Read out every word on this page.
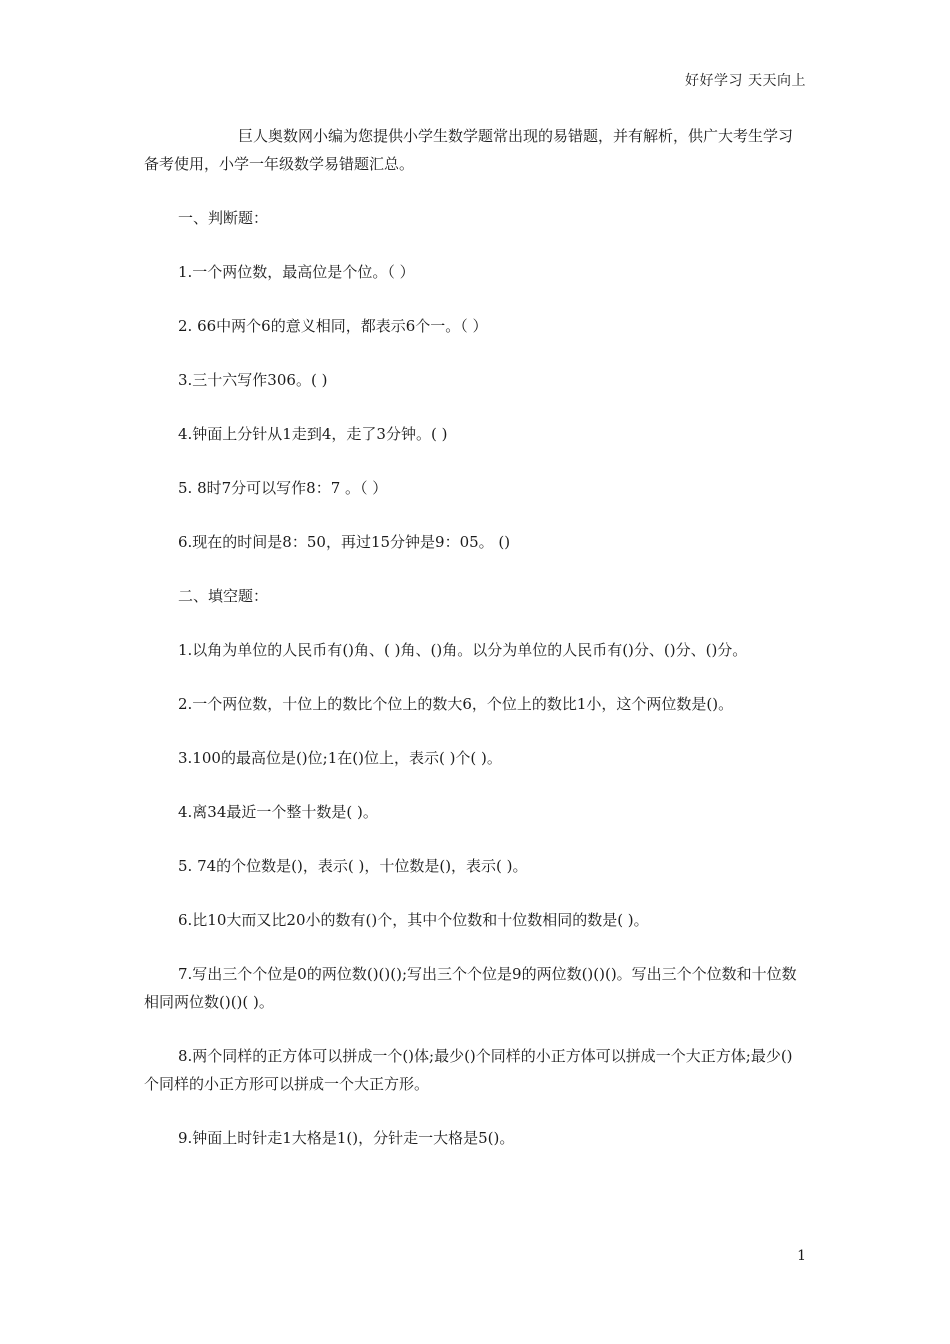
好好学习 天天向上

巨人奥数网小编为您提供小学生数学题常出现的易错题，并有解析，供广大考生学习备考使用，小学一年级数学易错题汇总。

一、判断题：

1.一个两位数，最高位是个位。（ ）

2. 66中两个6的意义相同，都表示6个一。（ ）

3.三十六写作306。( )

4.钟面上分针从1走到4，走了3分钟。( )

5. 8时7分可以写作8：7 。（ ）

6.现在的时间是8：50，再过15分钟是9：05。 ()

二、填空题：

1.以角为单位的人民币有()角、( )角、()角。以分为单位的人民币有()分、()分、()分。

2.一个两位数，十位上的数比个位上的数大6，个位上的数比1小，这个两位数是()。

3.100的最高位是()位;1在()位上，表示( )个( )。

4.离34最近一个整十数是( )。

5. 74的个位数是()，表示( )，十位数是()，表示( )。

6.比10大而又比20小的数有()个，其中个位数和十位数相同的数是( )。

7.写出三个个位是0的两位数()()();写出三个个位是9的两位数()()()。写出三个个位数和十位数相同两位数()()( )。

8.两个同样的正方体可以拼成一个()体;最少()个同样的小正方体可以拼成一个大正方体;最少()个同样的小正方形可以拼成一个大正方形。

9.钟面上时针走1大格是1()，分针走一大格是5()。

1
